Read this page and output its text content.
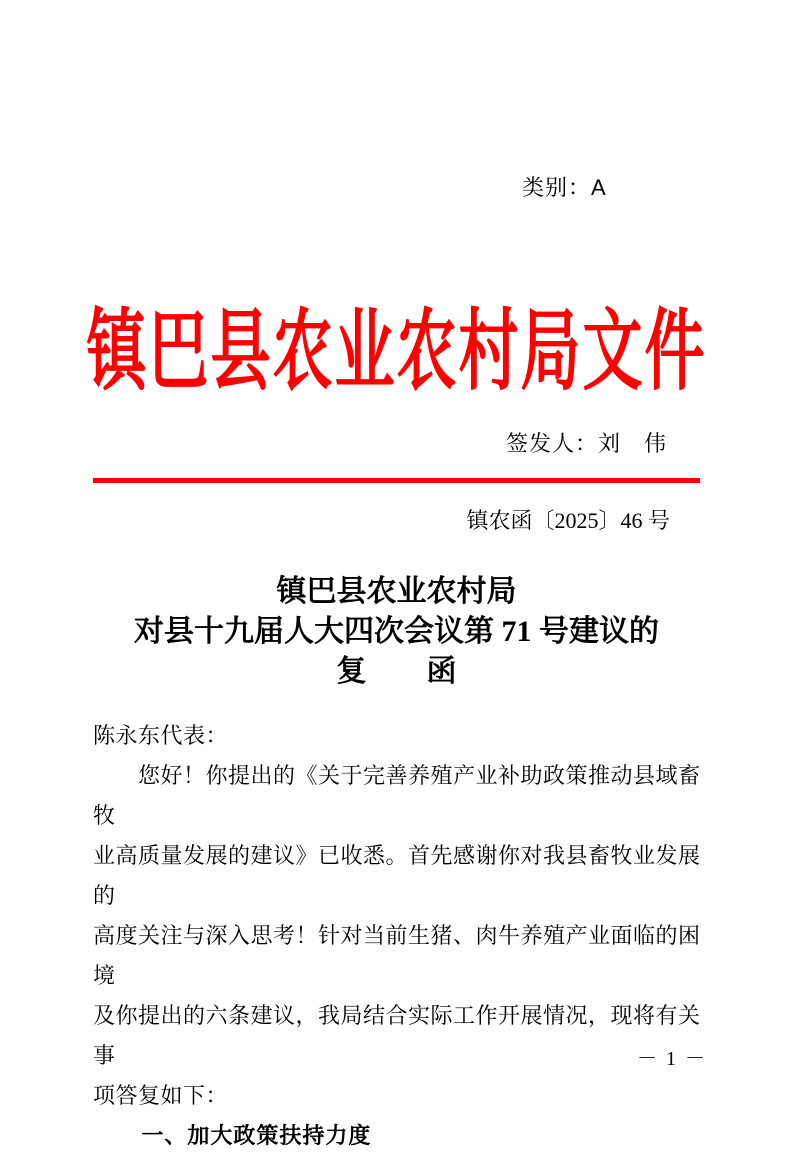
类别：A
镇巴县农业农村局文件
签发人：刘　伟
镇农函〔2025〕46 号
镇巴县农业农村局
对县十九届人大四次会议第 71 号建议的
复　　函
陈永东代表：
　　您好！你提出的《关于完善养殖产业补助政策推动县域畜牧
业高质量发展的建议》已收悉。首先感谢你对我县畜牧业发展的
高度关注与深入思考！针对当前生猪、肉牛养殖产业面临的困境
及你提出的六条建议，我局结合实际工作开展情况，现将有关事
项答复如下：
一、加大政策扶持力度
－ 1 －
